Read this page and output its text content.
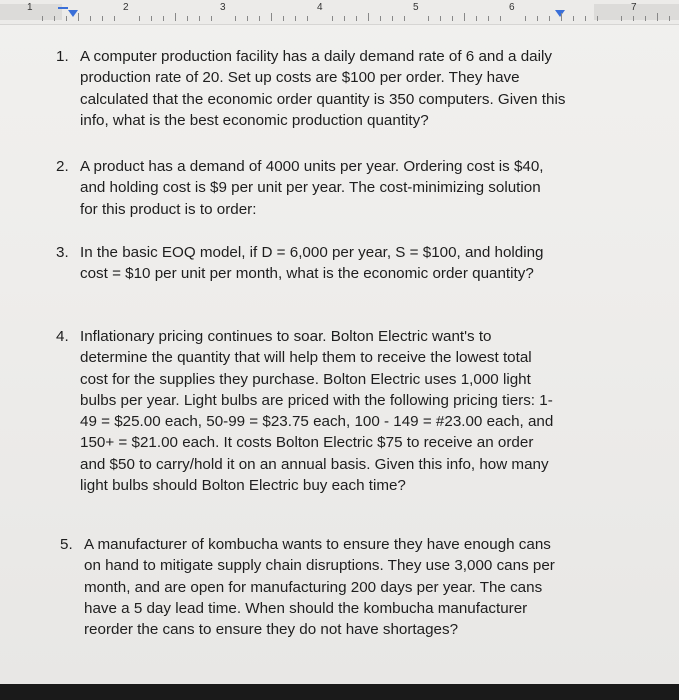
1	2	3	4	5	6	7
1. A computer production facility has a daily demand rate of 6 and a daily production rate of 20. Set up costs are $100 per order. They have calculated that the economic order quantity is 350 computers. Given this info, what is the best economic production quantity?
2. A product has a demand of 4000 units per year. Ordering cost is $40, and holding cost is $9 per unit per year. The cost-minimizing solution for this product is to order:
3. In the basic EOQ model, if D = 6,000 per year, S = $100, and holding cost = $10 per unit per month, what is the economic order quantity?
4. Inflationary pricing continues to soar. Bolton Electric want's to determine the quantity that will help them to receive the lowest total cost for the supplies they purchase. Bolton Electric uses 1,000 light bulbs per year. Light bulbs are priced with the following pricing tiers: 1-49 = $25.00 each, 50-99 = $23.75 each, 100 - 149 = #23.00 each, and 150+ = $21.00 each. It costs Bolton Electric $75 to receive an order and $50 to carry/hold it on an annual basis. Given this info, how many light bulbs should Bolton Electric buy each time?
5. A manufacturer of kombucha wants to ensure they have enough cans on hand to mitigate supply chain disruptions. They use 3,000 cans per month, and are open for manufacturing 200 days per year. The cans have a 5 day lead time. When should the kombucha manufacturer reorder the cans to ensure they do not have shortages?
